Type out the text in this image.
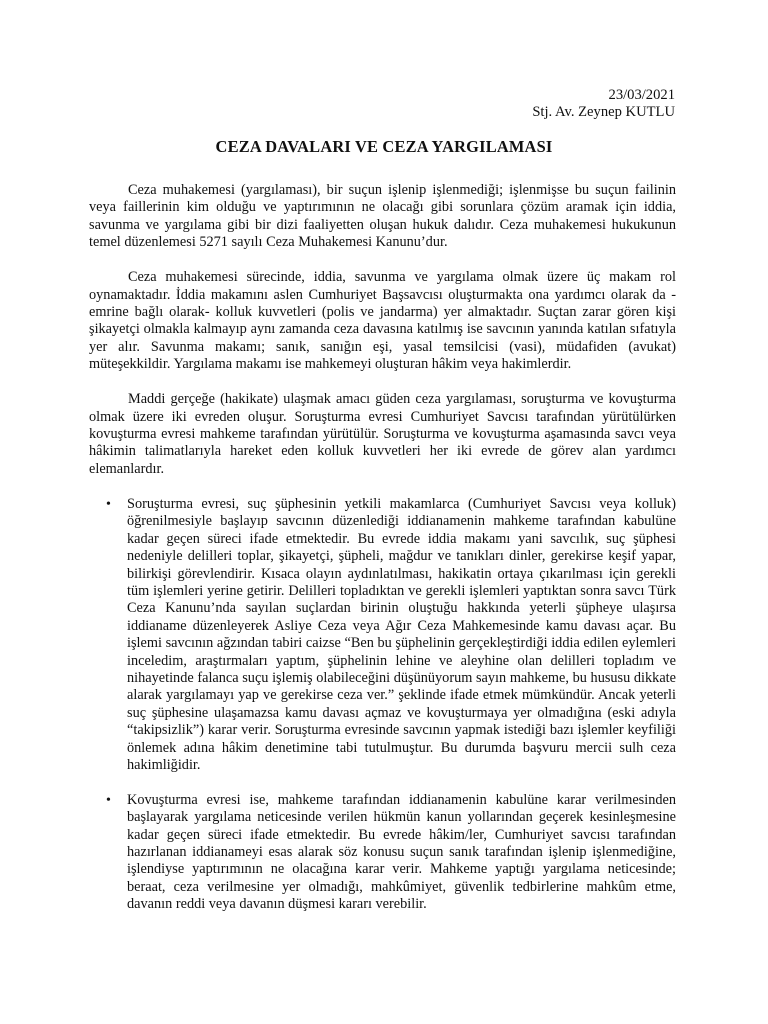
23/03/2021
Stj. Av. Zeynep KUTLU
CEZA DAVALARI VE CEZA YARGILAMASI

Ceza muhakemesi (yargılaması), bir suçun işlenip işlenmediği; işlenmişse bu suçun failinin veya faillerinin kim olduğu ve yaptırımının ne olacağı gibi sorunlara çözüm aramak için iddia, savunma ve yargılama gibi bir dizi faaliyetten oluşan hukuk dalıdır. Ceza muhakemesi hukukunun temel düzenlemesi 5271 sayılı Ceza Muhakemesi Kanunu’dur.

Ceza muhakemesi sürecinde, iddia, savunma ve yargılama olmak üzere üç makam rol oynamaktadır. İddia makamını aslen Cumhuriyet Başsavcısı oluşturmakta ona yardımcı olarak da -emrine bağlı olarak- kolluk kuvvetleri (polis ve jandarma) yer almaktadır. Suçtan zarar gören kişi şikayetçi olmakla kalmayıp aynı zamanda ceza davasına katılmış ise savcının yanında katılan sıfatıyla yer alır. Savunma makamı; sanık, sanığın eşi, yasal temsilcisi (vasi), müdafiden (avukat) müteşekkildir. Yargılama makamı ise mahkemeyi oluşturan hâkim veya hakimlerdir.

Maddi gerçeğe (hakikate) ulaşmak amacı güden ceza yargılaması, soruşturma ve kovuşturma olmak üzere iki evreden oluşur. Soruşturma evresi Cumhuriyet Savcısı tarafından yürütülürken kovuşturma evresi mahkeme tarafından yürütülür. Soruşturma ve kovuşturma aşamasında savcı veya hâkimin talimatlarıyla hareket eden kolluk kuvvetleri her iki evrede de görev alan yardımcı elemanlardır.

• Soruşturma evresi, suç şüphesinin yetkili makamlarca (Cumhuriyet Savcısı veya kolluk) öğrenilmesiyle başlayıp savcının düzenlediği iddianamenin mahkeme tarafından kabulüne kadar geçen süreci ifade etmektedir. Bu evrede iddia makamı yani savcılık, suç şüphesi nedeniyle delilleri toplar, şikayetçi, şüpheli, mağdur ve tanıkları dinler, gerekirse keşif yapar, bilirkişi görevlendirir. Kısaca olayın aydınlatılması, hakikatin ortaya çıkarılması için gerekli tüm işlemleri yerine getirir. Delilleri topladıktan ve gerekli işlemleri yaptıktan sonra savcı Türk Ceza Kanunu’nda sayılan suçlardan birinin oluştuğu hakkında yeterli şüpheye ulaşırsa iddianame düzenleyerek Asliye Ceza veya Ağır Ceza Mahkemesinde kamu davası açar. Bu işlemi savcının ağzından tabiri caizse “Ben bu şüphelinin gerçekleştirdiği iddia edilen eylemleri inceledim, araştırmaları yaptım, şüphelinin lehine ve aleyhine olan delilleri topladım ve nihayetinde falanca suçu işlemiş olabileceğini düşünüyorum sayın mahkeme, bu hususu dikkate alarak yargılamayı yap ve gerekirse ceza ver.” şeklinde ifade etmek mümkündür. Ancak yeterli suç şüphesine ulaşamazsa kamu davası açmaz ve kovuşturmaya yer olmadığına (eski adıyla “takipsizlik”) karar verir. Soruşturma evresinde savcının yapmak istediği bazı işlemler keyfiliği önlemek adına hâkim denetimine tabi tutulmuştur. Bu durumda başvuru mercii sulh ceza hakimliğidir.
• Kovuşturma evresi ise, mahkeme tarafından iddianamenin kabulüne karar verilmesinden başlayarak yargılama neticesinde verilen hükmün kanun yollarından geçerek kesinleşmesine kadar geçen süreci ifade etmektedir. Bu evrede hâkim/ler, Cumhuriyet savcısı tarafından hazırlanan iddianameyi esas alarak söz konusu suçun sanık tarafından işlenip işlenmediğine, işlendiyse yaptırımının ne olacağına karar verir. Mahkeme yaptığı yargılama neticesinde; beraat, ceza verilmesine yer olmadığı, mahkûmiyet, güvenlik tedbirlerine mahkûm etme, davanın reddi veya davanın düşmesi kararı verebilir.
